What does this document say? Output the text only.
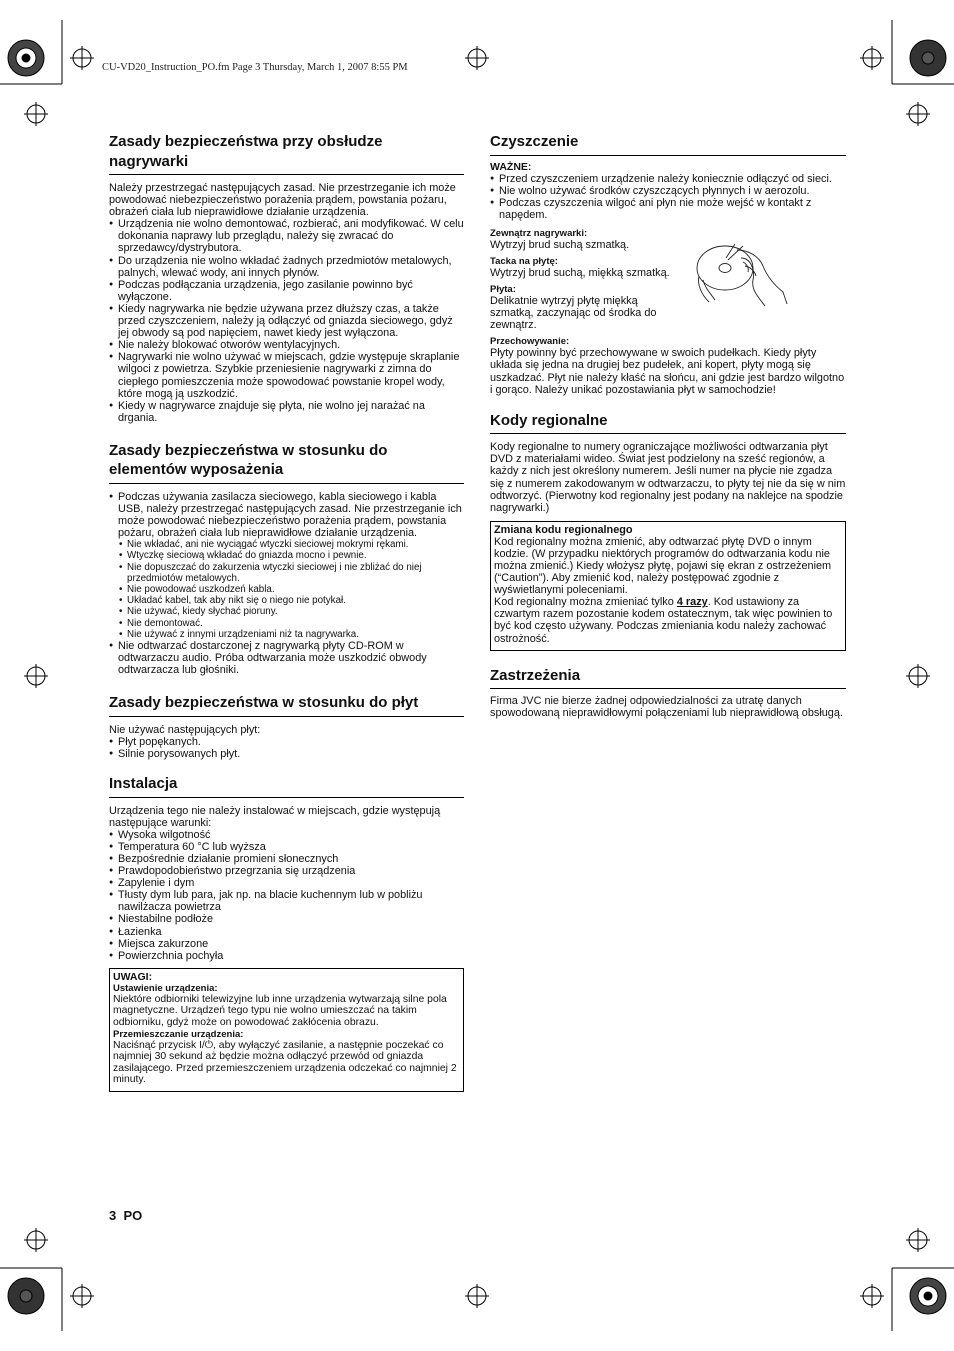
CU-VD20_Instruction_PO.fm Page 3 Thursday, March 1, 2007 8:55 PM
Zasady bezpieczeństwa przy obsłudze nagrywarki

Należy przestrzegać następujących zasad. Nie przestrzeganie ich może powodować niebezpieczeństwo porażenia prądem, powstania pożaru, obrażeń ciała lub nieprawidłowe działanie urządzenia.

● Urządzenia nie wolno demontować, rozbierać, ani modyfikować. W celu dokonania naprawy lub przeglądu, należy się zwracać do sprzedawcy/dystrybutora.
● Do urządzenia nie wolno wkładać żadnych przedmiotów metalowych, palnych, wlewać wody, ani innych płynów.
● Podczas podłączania urządzenia, jego zasilanie powinno być wyłączone.
● Kiedy nagrywarka nie będzie używana przez dłuższy czas, a także przed czyszczeniem, należy ją odłączyć od gniazda sieciowego, gdyż jej obwody są pod napięciem, nawet kiedy jest wyłączona.
● Nie należy blokować otworów wentylacyjnych.
● Nagrywarki nie wolno używać w miejscach, gdzie występuje skraplanie wilgoci z powietrza. Szybkie przeniesienie nagrywarki z zimna do ciepłego pomieszczenia może spowodować powstanie kropel wody, które mogą ją uszkodzić.
● Kiedy w nagrywarce znajduje się płyta, nie wolno jej narażać na drgania.
Zasady bezpieczeństwa w stosunku do elementów wyposażenia
● Podczas używania zasilacza sieciowego, kabla sieciowego i kabla USB, należy przestrzegać następujących zasad. Nie przestrzeganie ich może powodować niebezpieczeństwo porażenia prądem, powstania pożaru, obrażeń ciała lub nieprawidłowe działanie urządzenia.
• Nie wkładać, ani nie wyciągać wtyczki sieciowej mokrymi rękami.
• Wtyczkę sieciową wkładać do gniazda mocno i pewnie.
• Nie dopuszczać do zakurzenia wtyczki sieciowej i nie zbliżać do niej przedmiotów metalowych.
• Nie powodować uszkodzeń kabla.
• Układać kabel, tak aby nikt się o niego nie potykał.
• Nie używać, kiedy słychać pioruny.
• Nie demontować.
• Nie używać z innymi urządzeniami niż ta nagrywarka.
● Nie odtwarzać dostarczonej z nagrywarką płyty CD-ROM w odtwarzaczu audio. Próba odtwarzania może uszkodzić obwody odtwarzacza lub głośniki.
Zasady bezpieczeństwa w stosunku do płyt

Nie używać następujących płyt:

● Płyt popękanych.
● Silnie porysowanych płyt.
Instalacja

Urządzenia tego nie należy instalować w miejscach, gdzie występują następujące warunki:

● Wysoka wilgotność
● Temperatura 60 °C lub wyższa
● Bezpośrednie działanie promieni słonecznych
● Prawdopodobieństwo przegrzania się urządzenia
● Zapylenie i dym
● Tłusty dym lub para, jak np. na blacie kuchennym lub w pobliżu nawilżacza powietrza
● Niestabilne podłoże
● Łazienka
● Miejsca zakurzone
● Powierzchnia pochyła
UWAGI:
Ustawienie urządzenia:

Niektóre odbiorniki telewizyjne lub inne urządzenia wytwarzają silne pola magnetyczne. Urządzeń tego typu nie wolno umieszczać na takim odbiorniku, gdyż może on powodować zakłócenia obrazu.

Przemieszczanie urządzenia:

Naciśnąć przycisk I/⏻, aby wyłączyć zasilanie, a następnie poczekać co najmniej 30 sekund aż będzie można odłączyć przewód od gniazda zasilającego. Przed przemieszczeniem urządzenia odczekać co najmniej 2 minuty.

Czyszczenie
WAŻNE:
● Przed czyszczeniem urządzenie należy koniecznie odłączyć od sieci.
● Nie wolno używać środków czyszczących płynnych i w aerozolu.
● Podczas czyszczenia wilgoć ani płyn nie może wejść w kontakt z napędem.
Zewnątrz nagrywarki:

Wytrzyj brud suchą szmatką.

Tacka na płytę:

Wytrzyj brud suchą, miękką szmatką.

Płyta:

Delikatnie wytrzyj płytę miękką szmatką, zaczynając od środka do zewnątrz.

Przechowywanie:

Płyty powinny być przechowywane w swoich pudełkach. Kiedy płyty układa się jedna na drugiej bez pudełek, ani kopert, płyty mogą się uszkadzać. Płyt nie należy kłaść na słońcu, ani gdzie jest bardzo wilgotno i gorąco. Należy unikać pozostawiania płyt w samochodzie!

Kody regionalne

Kody regionalne to numery ograniczające możliwości odtwarzania płyt DVD z materiałami wideo. Świat jest podzielony na sześć regionów, a każdy z nich jest określony numerem. Jeśli numer na płycie nie zgadza się z numerem zakodowanym w odtwarzaczu, to płyty tej nie da się w nim odtworzyć. (Pierwotny kod regionalny jest podany na naklejce na spodzie nagrywarki.)

Zmiana kodu regionalnego

Kod regionalny można zmienić, aby odtwarzać płytę DVD o innym kodzie. (W przypadku niektórych programów do odtwarzania kodu nie można zmienić.) Kiedy włożysz płytę, pojawi się ekran z ostrzeżeniem (“Caution”). Aby zmienić kod, należy postępować zgodnie z wyświetlanymi poleceniami.

Kod regionalny można zmieniać tylko 4 razy. Kod ustawiony za czwartym razem pozostanie kodem ostatecznym, tak więc powinien to być kod często używany. Podczas zmieniania kodu należy zachować ostrożność.

Zastrzeżenia

Firma JVC nie bierze żadnej odpowiedzialności za utratę danych spowodowaną nieprawidłowymi połączeniami lub nieprawidłową obsługą.

3 PO
